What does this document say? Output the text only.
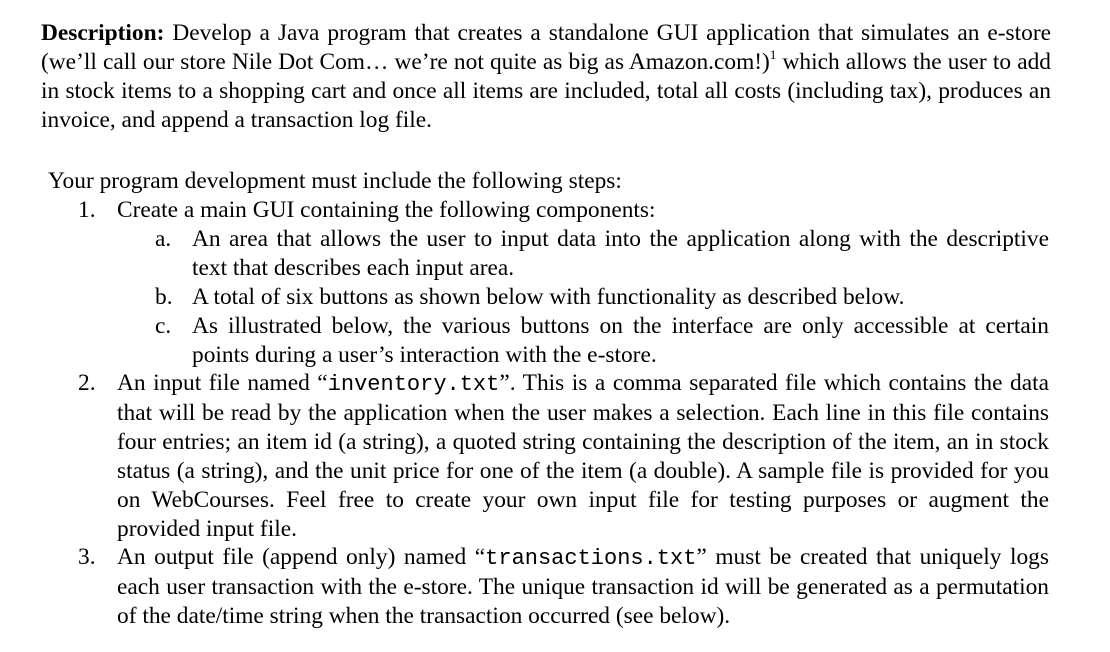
Description: Develop a Java program that creates a standalone GUI application that simulates an e-store (we’ll call our store Nile Dot Com… we’re not quite as big as Amazon.com!)$^1$ which allows the user to add in stock items to a shopping cart and once all items are included, total all costs (including tax), produces an invoice, and append a transaction log file.

Your program development must include the following steps:
1. Create a main GUI containing the following components:
a. An area that allows the user to input data into the application along with the descriptive text that describes each input area.
b. A total of six buttons as shown below with functionality as described below.
c. As illustrated below, the various buttons on the interface are only accessible at certain points during a user’s interaction with the e-store.
2. An input file named “inventory.txt”. This is a comma separated file which contains the data that will be read by the application when the user makes a selection. Each line in this file contains four entries; an item id (a string), a quoted string containing the description of the item, an in stock status (a string), and the unit price for one of the item (a double). A sample file is provided for you on WebCourses. Feel free to create your own input file for testing purposes or augment the provided input file.
3. An output file (append only) named “transactions.txt” must be created that uniquely logs each user transaction with the e-store. The unique transaction id will be generated as a permutation of the date/time string when the transaction occurred (see below).
